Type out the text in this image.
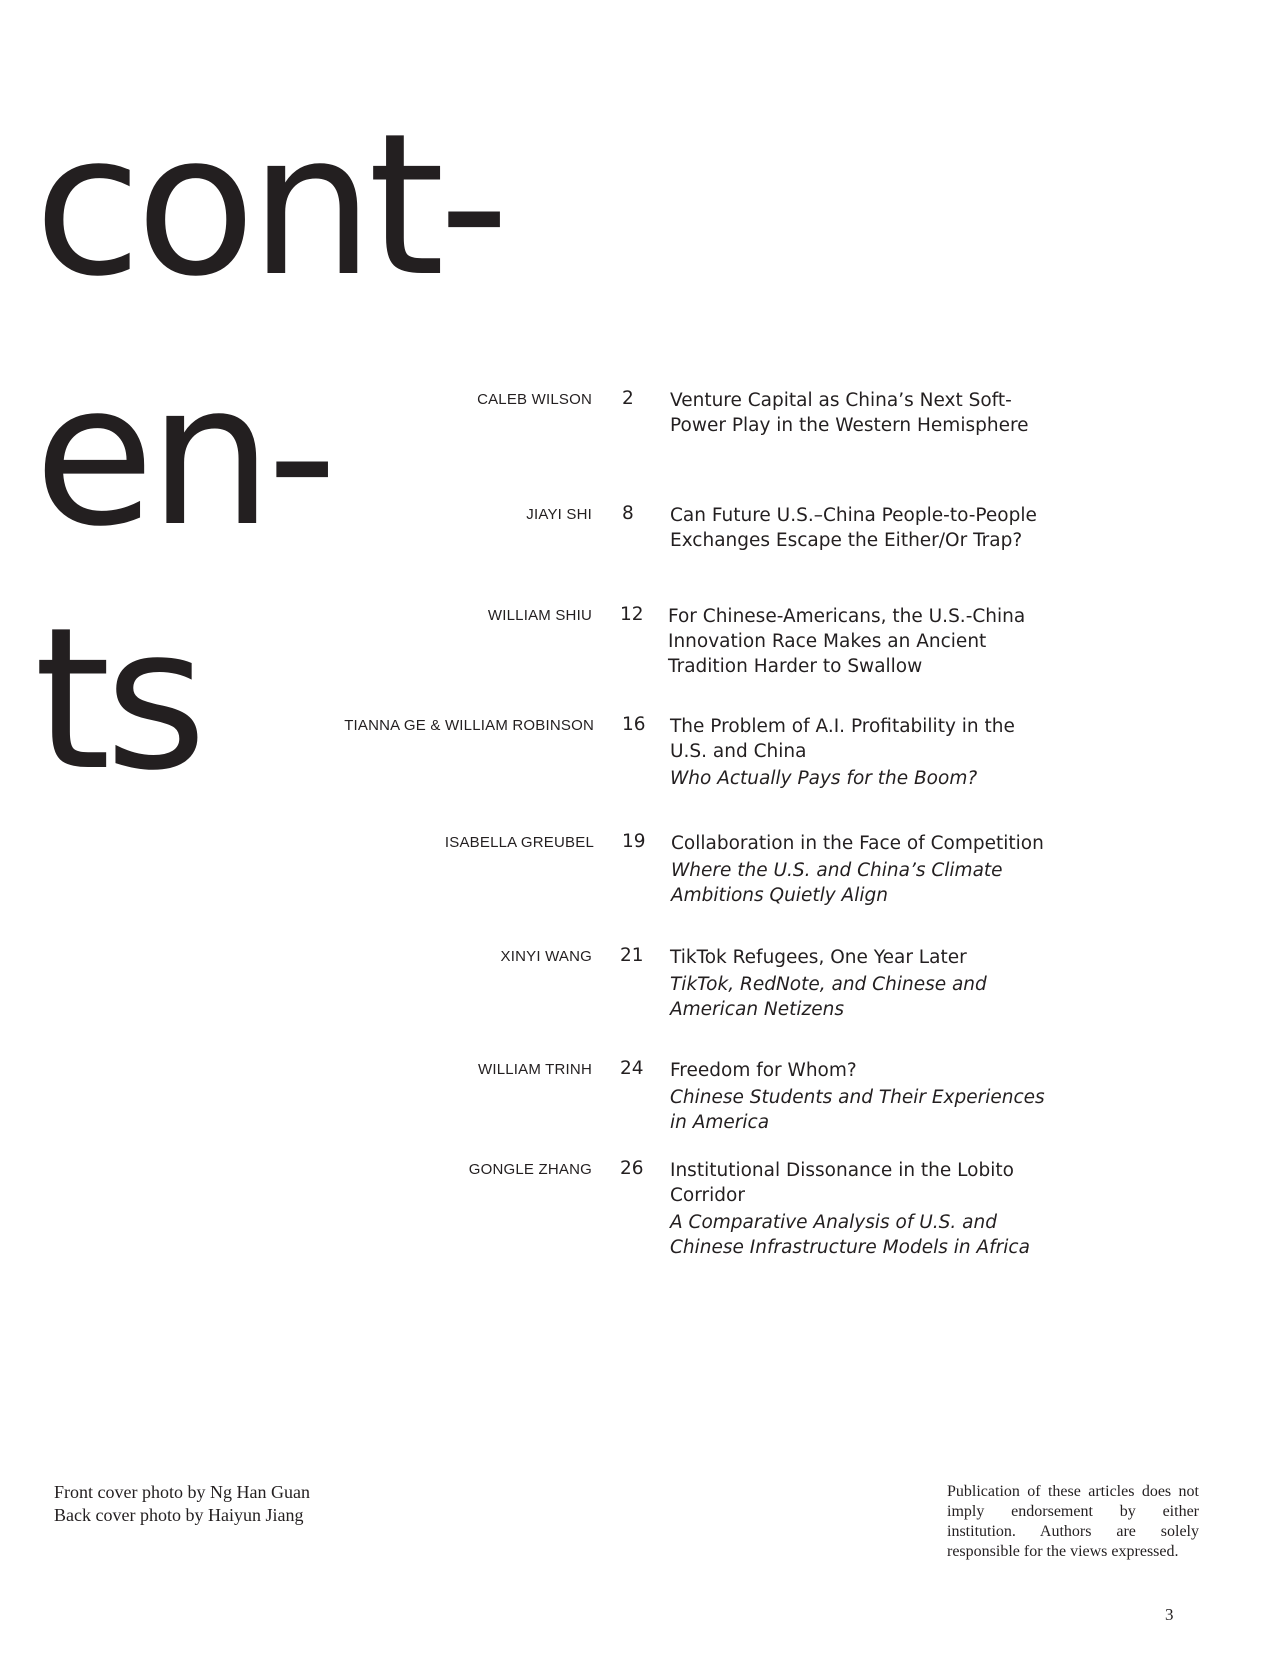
cont-
en-
ts
CALEB WILSON 2	Venture Capital as China’s Next Soft-Power Play in the Western Hemisphere
JIAYI SHI 8	Can Future U.S.–China People-to-People Exchanges Escape the Either/Or Trap?
WILLIAM SHIU 12	For Chinese-Americans, the U.S.-China Innovation Race Makes an Ancient Tradition Harder to Swallow
TIANNA GE & WILLIAM ROBINSON 16	The Problem of A.I. Profitability in the U.S. and China
Who Actually Pays for the Boom?
ISABELLA GREUBEL 19	Collaboration in the Face of Competition
Where the U.S. and China’s Climate Ambitions Quietly Align
XINYI WANG 21	TikTok Refugees, One Year Later
TikTok, RedNote, and Chinese and American Netizens
WILLIAM TRINH 24	Freedom for Whom?
Chinese Students and Their Experiences in America
GONGLE ZHANG 26	Institutional Dissonance in the Lobito Corridor
A Comparative Analysis of U.S. and Chinese Infrastructure Models in Africa
Front cover photo by Ng Han Guan
Back cover photo by Haiyun Jiang
Publication of these articles does not imply endorsement by either institution. Authors are solely responsible for the views expressed.
3
